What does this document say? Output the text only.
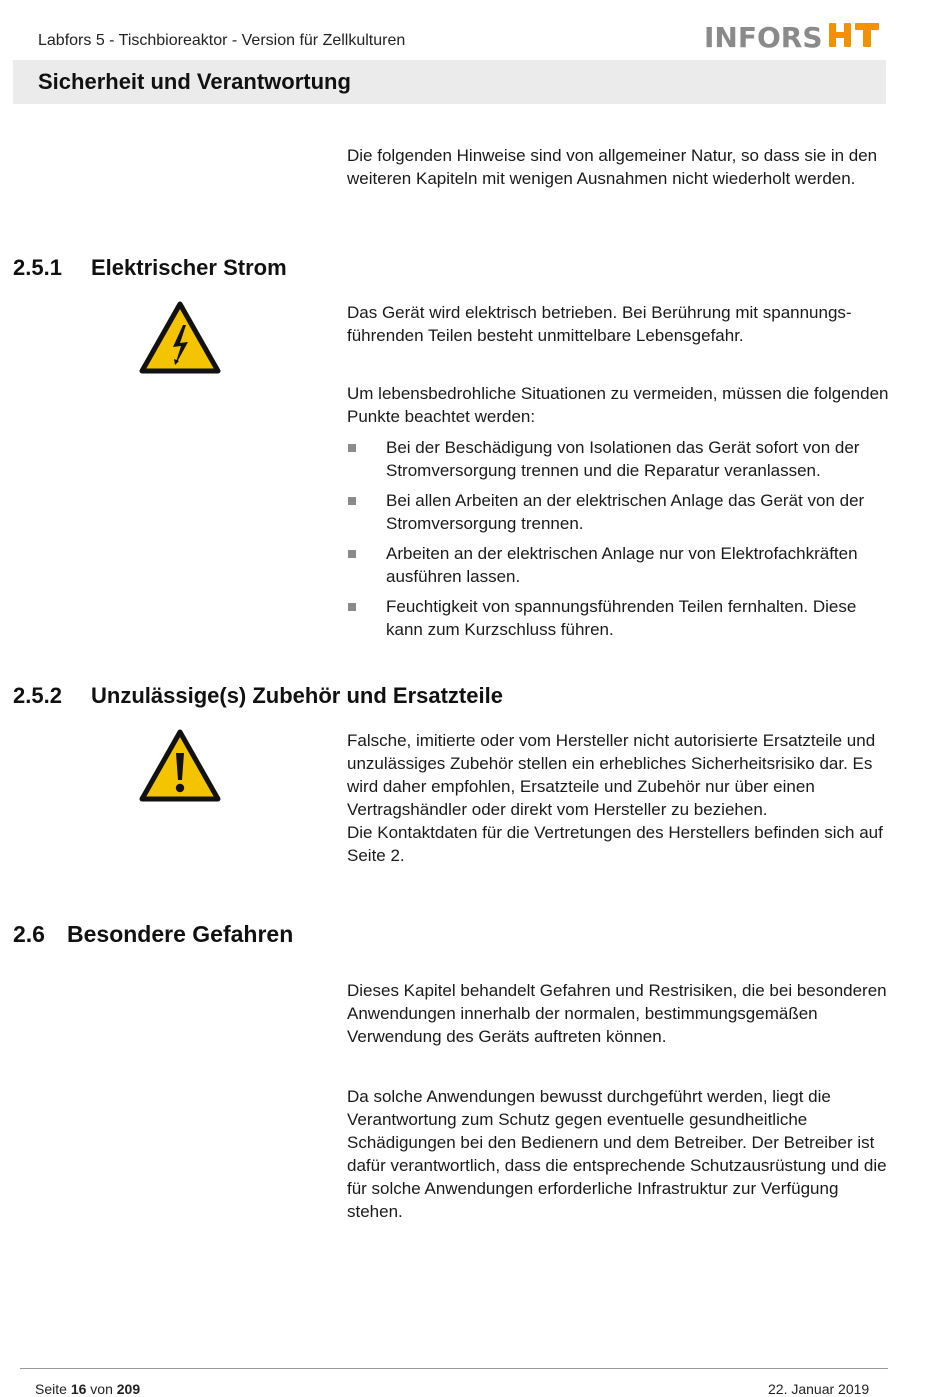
Labfors 5 - Tischbioreaktor - Version für Zellkulturen	INFORS
Sicherheit und Verantwortung
Die folgenden Hinweise sind von allgemeiner Natur, so dass sie in den weiteren Kapiteln mit wenigen Ausnahmen nicht wiederholt werden.
2.5.1 Elektrischer Strom
Das Gerät wird elektrisch betrieben. Bei Berührung mit spannungsführenden Teilen besteht unmittelbare Lebensgefahr.
Um lebensbedrohliche Situationen zu vermeiden, müssen die folgenden Punkte beachtet werden:
Bei der Beschädigung von Isolationen das Gerät sofort von der Stromversorgung trennen und die Reparatur veranlassen.
Bei allen Arbeiten an der elektrischen Anlage das Gerät von der Stromversorgung trennen.
Arbeiten an der elektrischen Anlage nur von Elektrofachkräften ausführen lassen.
Feuchtigkeit von spannungsführenden Teilen fernhalten. Diese kann zum Kurzschluss führen.
2.5.2 Unzulässige(s) Zubehör und Ersatzteile
Falsche, imitierte oder vom Hersteller nicht autorisierte Ersatzteile und unzulässiges Zubehör stellen ein erhebliches Sicherheitsrisiko dar. Es wird daher empfohlen, Ersatzteile und Zubehör nur über einen Vertragshändler oder direkt vom Hersteller zu beziehen.
Die Kontaktdaten für die Vertretungen des Herstellers befinden sich auf Seite 2.
2.6 Besondere Gefahren
Dieses Kapitel behandelt Gefahren und Restrisiken, die bei besonderen Anwendungen innerhalb der normalen, bestimmungsgemäßen Verwendung des Geräts auftreten können.
Da solche Anwendungen bewusst durchgeführt werden, liegt die Verantwortung zum Schutz gegen eventuelle gesundheitliche Schädigungen bei den Bedienern und dem Betreiber. Der Betreiber ist dafür verantwortlich, dass die entsprechende Schutzausrüstung und die für solche Anwendungen erforderliche Infrastruktur zur Verfügung stehen.
Seite 16 von 209	22. Januar 2019
